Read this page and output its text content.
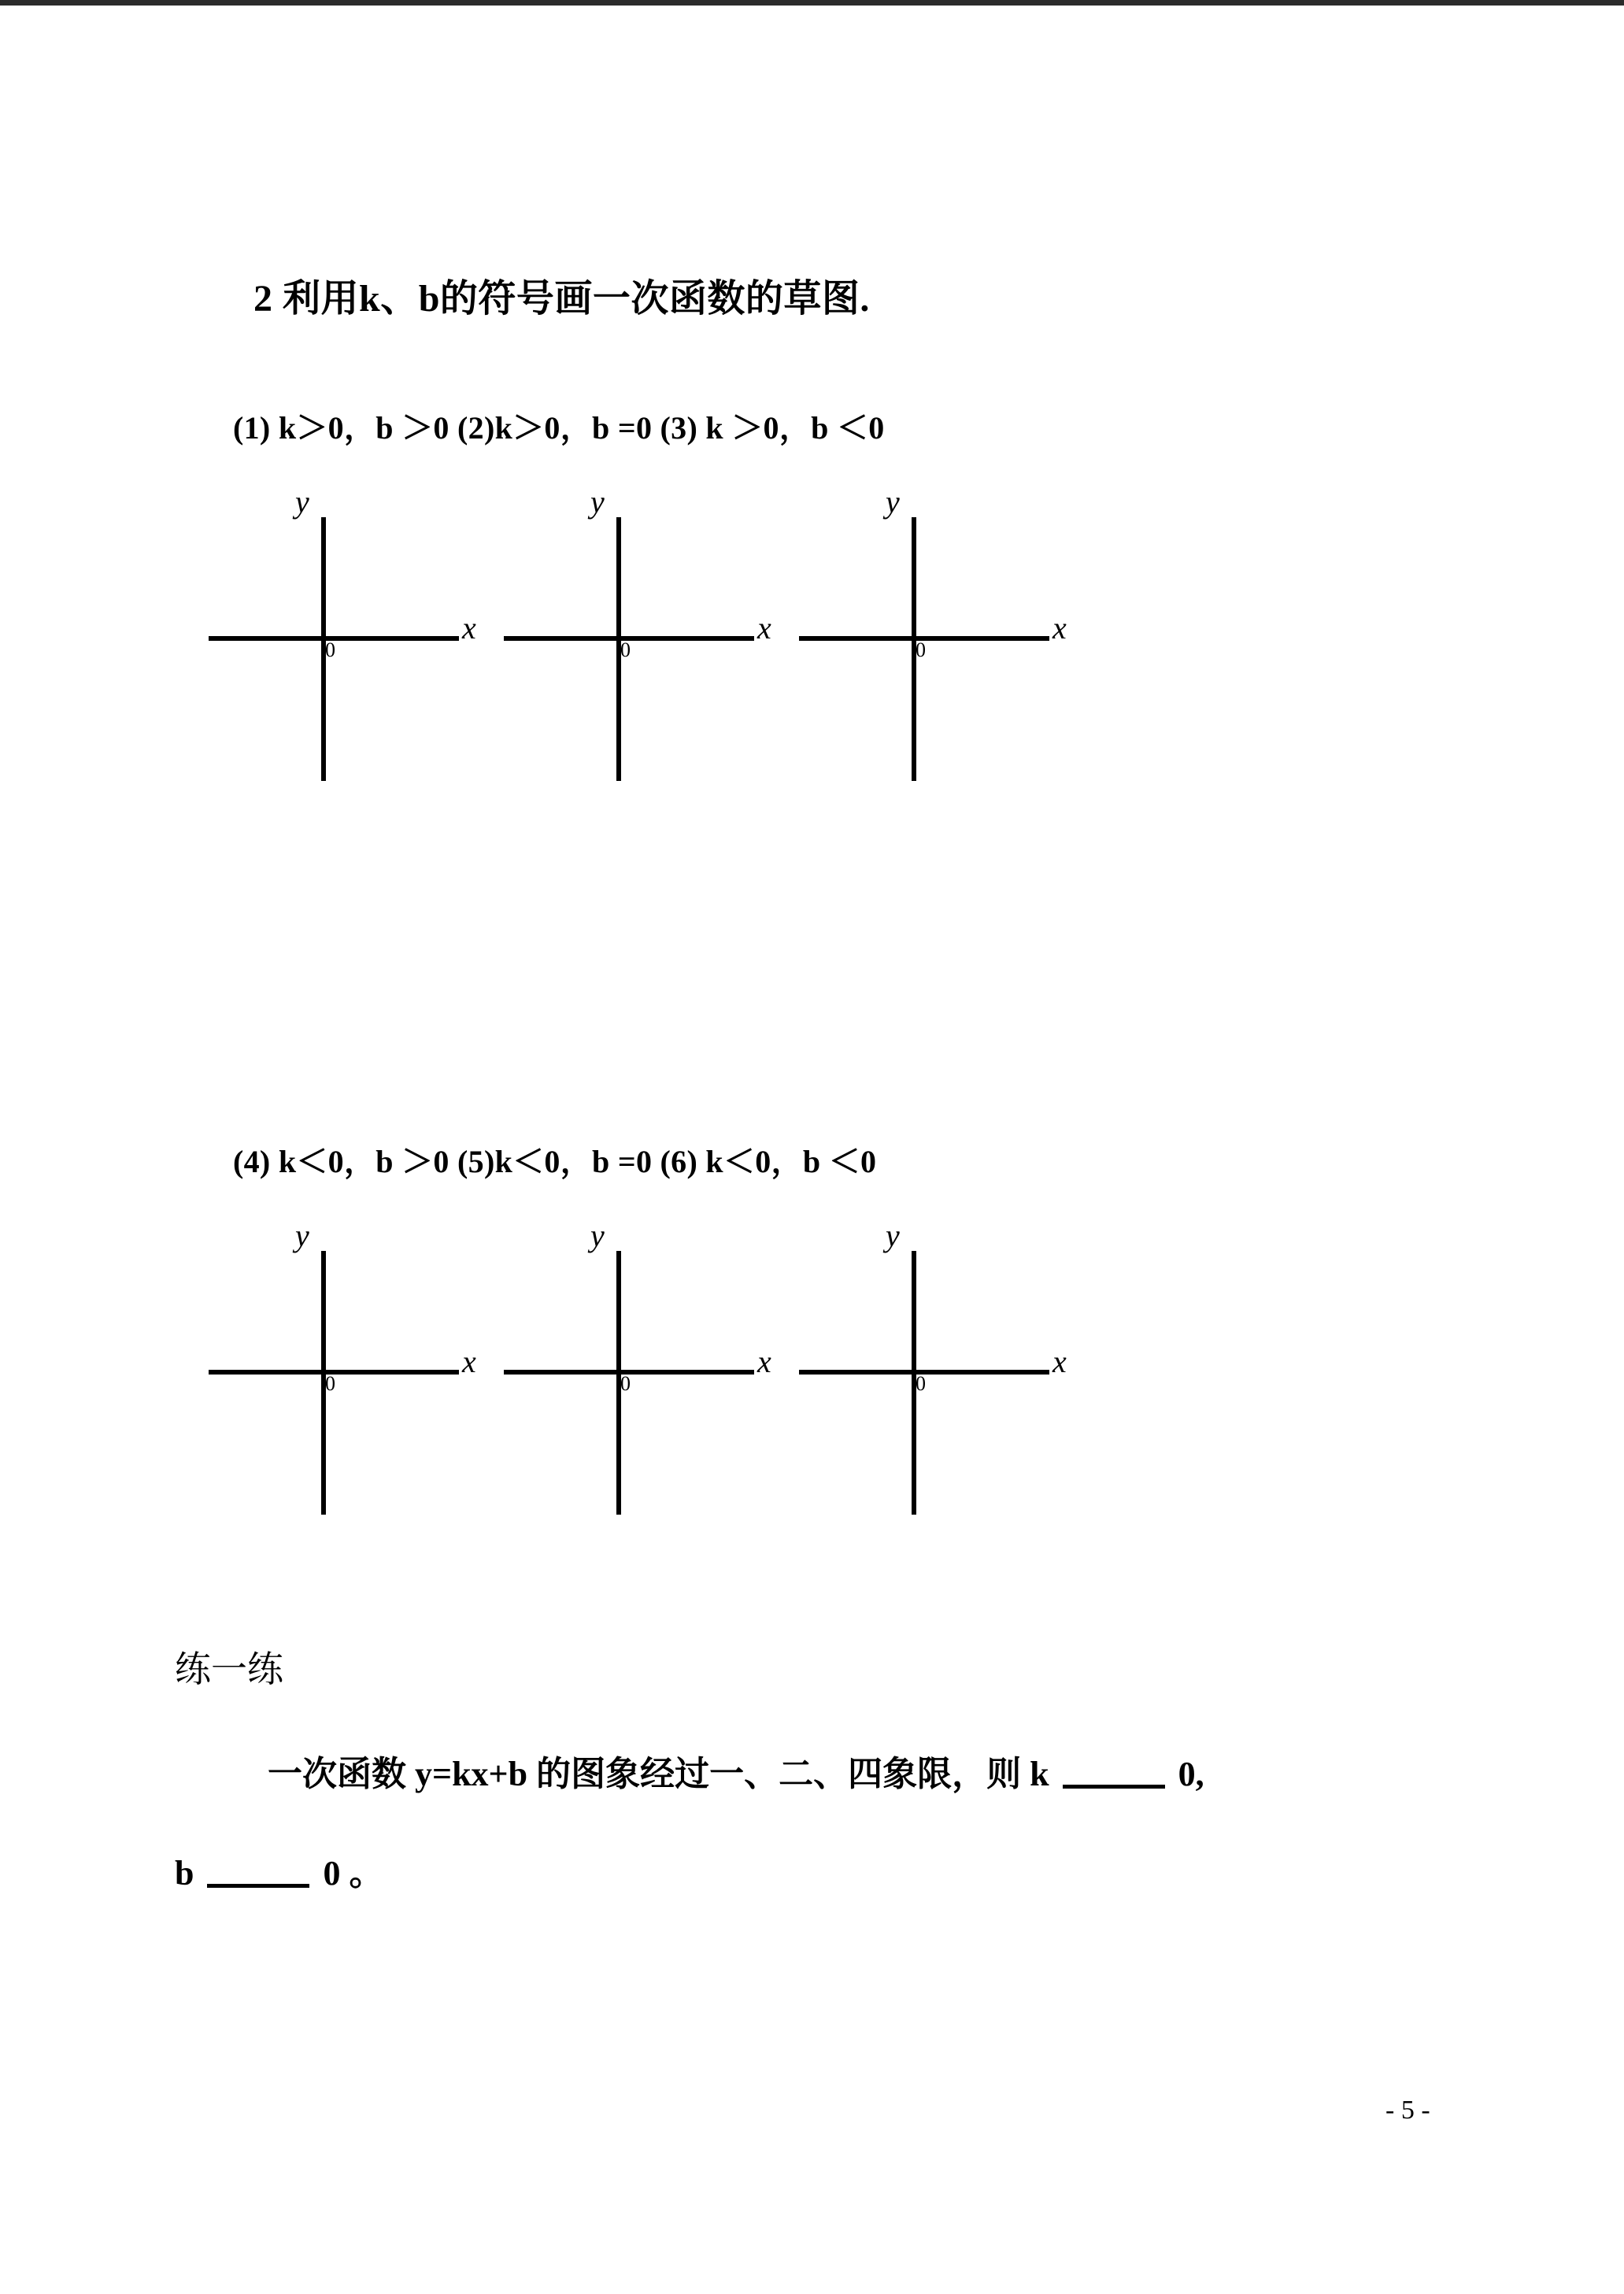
2 利用k、b的符号画一次函数的草图.
(1) k＞0，b ＞0 (2)k＞0，b =0 (3) k ＞0，b ＜0
y
x
0
y
x
0
y
x
0
(4) k＜0，b ＞0 (5)k＜0，b =0 (6) k＜0，b ＜0
y
x
0
y
x
0
y
x
0
练一练
一次函数 y=kx+b 的图象经过一、二、四象限，则 k	0,
b	0 。
- 5 -
